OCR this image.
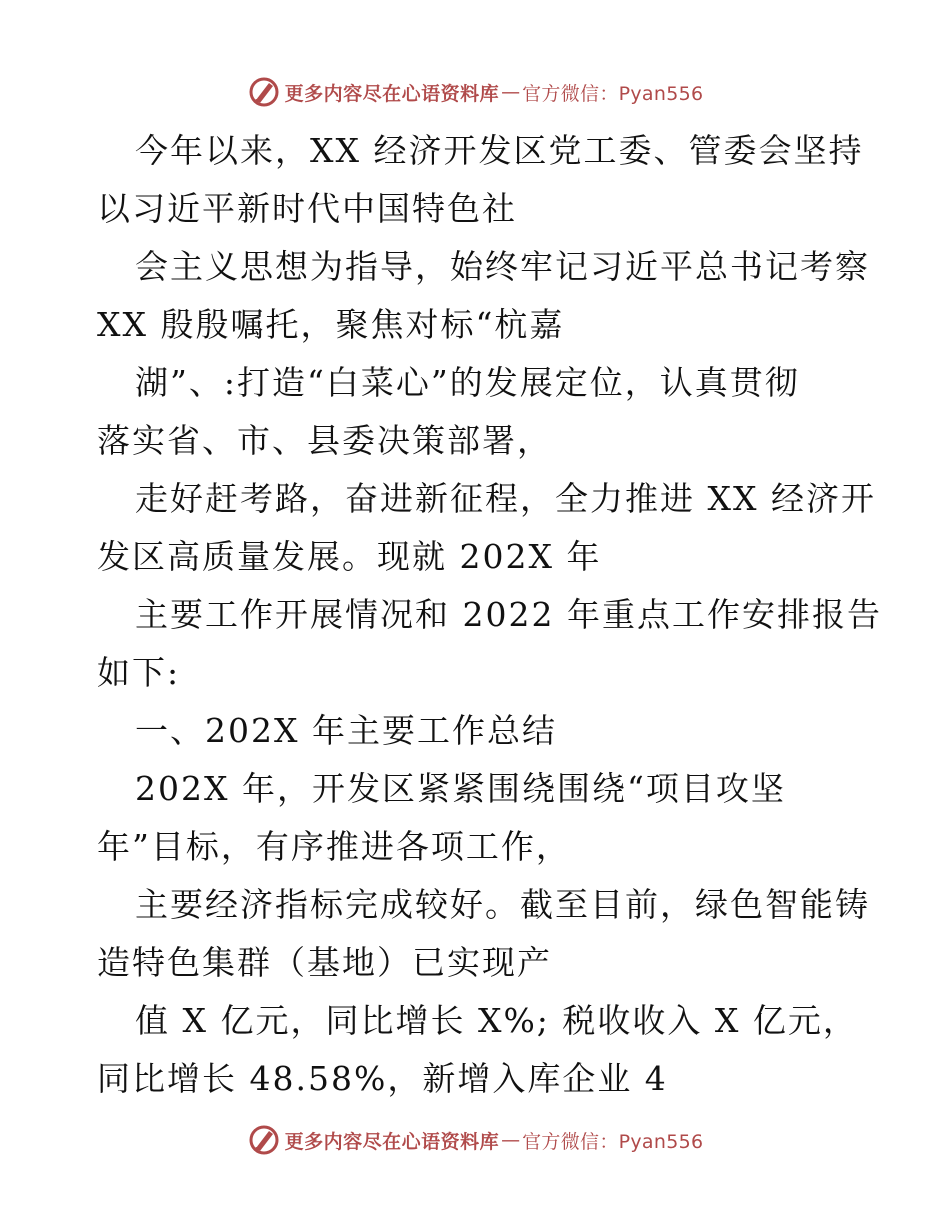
更多内容尽在心语资料库 — 官方微信：Pyan556
今年以来，XX 经济开发区党工委、管委会坚持
以习近平新时代中国特色社
会主义思想为指导，始终牢记习近平总书记考察
XX 殷殷嘱托，聚焦对标“杭嘉
湖”、:打造“白菜心”的发展定位，认真贯彻
落实省、市、县委决策部署，
走好赶考路，奋进新征程，全力推进 XX 经济开
发区高质量发展。现就 202X 年
主要工作开展情况和 2022 年重点工作安排报告
如下:
一、202X 年主要工作总结
202X 年，开发区紧紧围绕围绕“项目攻坚
年”目标，有序推进各项工作，
主要经济指标完成较好。截至目前，绿色智能铸
造特色集群（基地）已实现产
值 X 亿元，同比增长 X%; 税收收入 X 亿元，
同比增长 48.58%，新增入库企业 4
更多内容尽在心语资料库 — 官方微信：Pyan556
